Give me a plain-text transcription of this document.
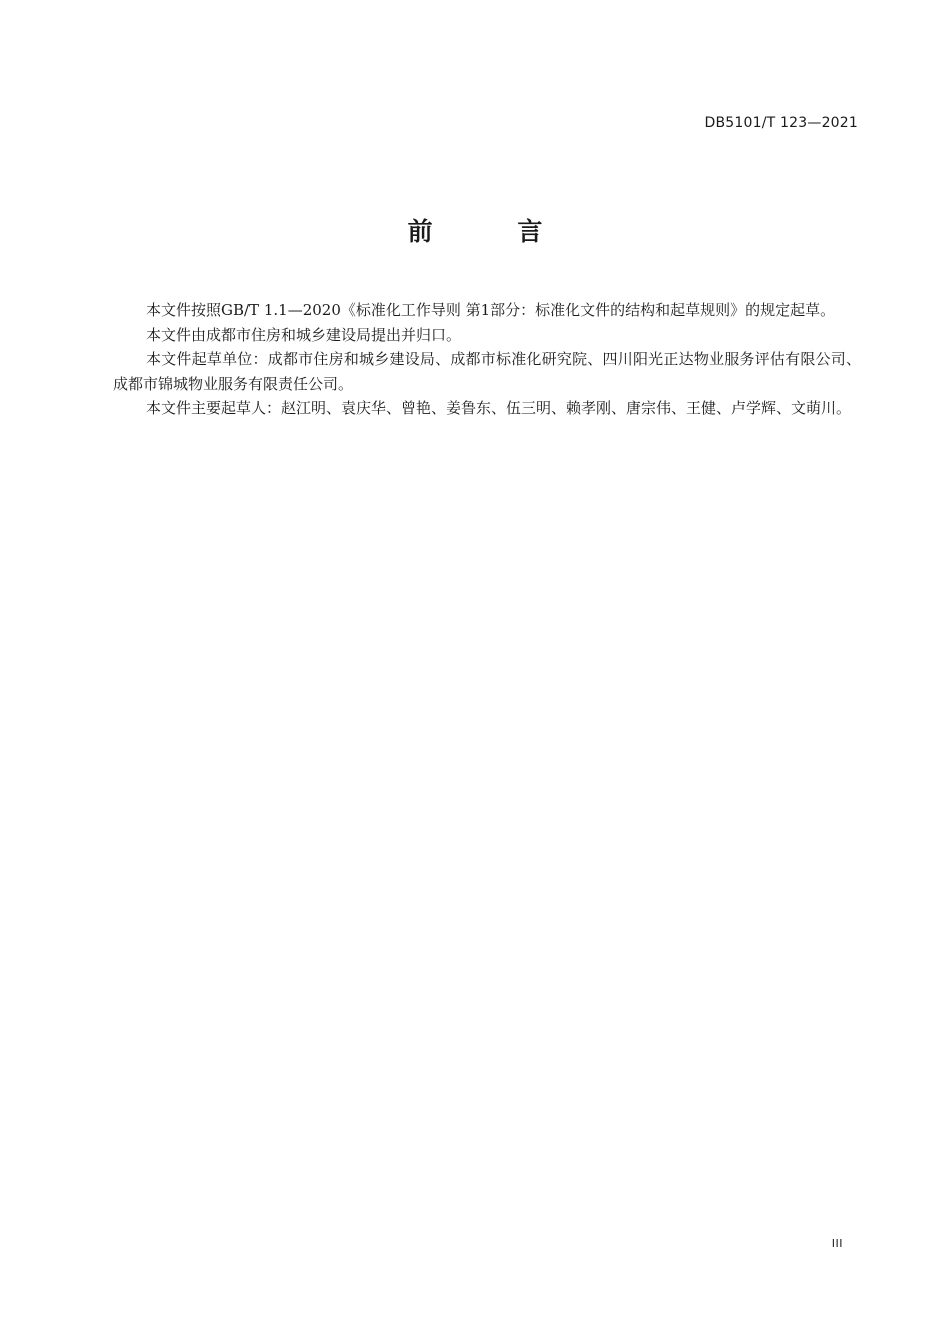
DB5101/T 123—2021
前 言

本文件按照GB/T 1.1—2020《标准化工作导则 第1部分：标准化文件的结构和起草规则》的规定起草。

本文件由成都市住房和城乡建设局提出并归口。

本文件起草单位：成都市住房和城乡建设局、成都市标准化研究院、四川阳光正达物业服务评估有限公司、成都市锦城物业服务有限责任公司。

本文件主要起草人：赵江明、袁庆华、曾艳、姜鲁东、伍三明、赖孝刚、唐宗伟、王健、卢学辉、文萌川。

III
